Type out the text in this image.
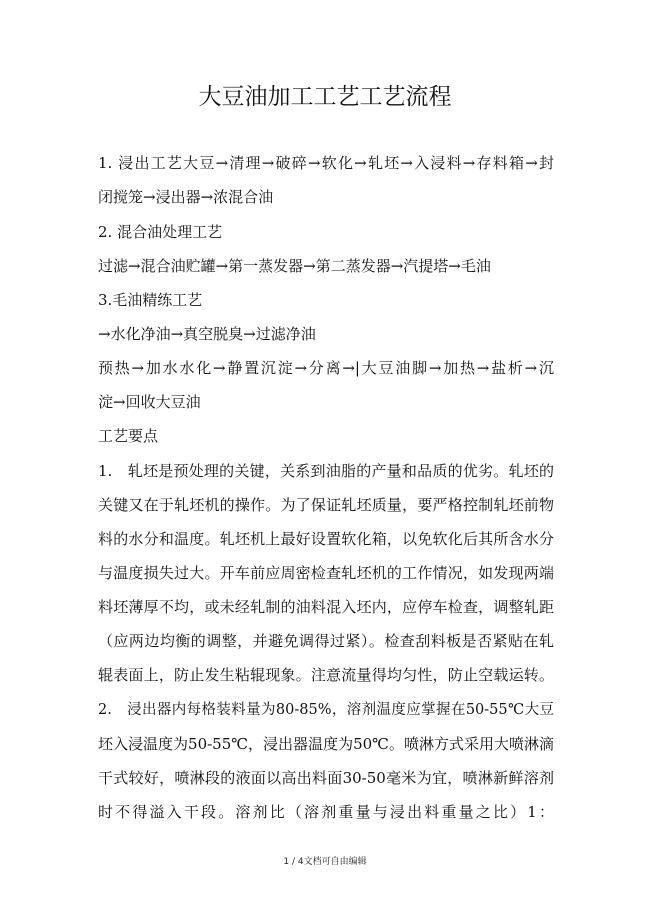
大豆油加工工艺工艺流程
1. 浸出工艺大豆→清理→破碎→软化→轧坯→入浸料→存料箱→封
闭搅笼→浸出器→浓混合油
2. 混合油处理工艺
过滤→混合油贮罐→第一蒸发器→第二蒸发器→汽提塔→毛油
3.毛油精练工艺
→水化净油→真空脱臭→过滤净油
预热→加水水化→静置沉淀→分离→|大豆油脚→加热→盐析→沉
淀→回收大豆油
工艺要点
1.　轧坯是预处理的关键，关系到油脂的产量和品质的优劣。轧坯的
关键又在于轧坯机的操作。为了保证轧坯质量，要严格控制轧坯前物
料的水分和温度。轧坯机上最好设置软化箱，以免软化后其所含水分
与温度损失过大。开车前应周密检查轧坯机的工作情况，如发现两端
料坯薄厚不均，或未经轧制的油料混入坯内，应停车检查，调整轧距
（应两边均衡的调整，并避免调得过紧）。检查刮料板是否紧贴在轧
辊表面上，防止发生粘辊现象。注意流量得均匀性，防止空载运转。
2.　浸出器内每格装料量为80-85%，溶剂温度应掌握在50-55℃大豆
坯入浸温度为50-55℃，浸出器温度为50℃。喷淋方式采用大喷淋滴
干式较好，喷淋段的液面以高出料面30-50毫米为宜，喷淋新鲜溶剂
时不得溢入干段。溶剂比（溶剂重量与浸出料重量之比）1：
1 / 4文档可自由编辑
